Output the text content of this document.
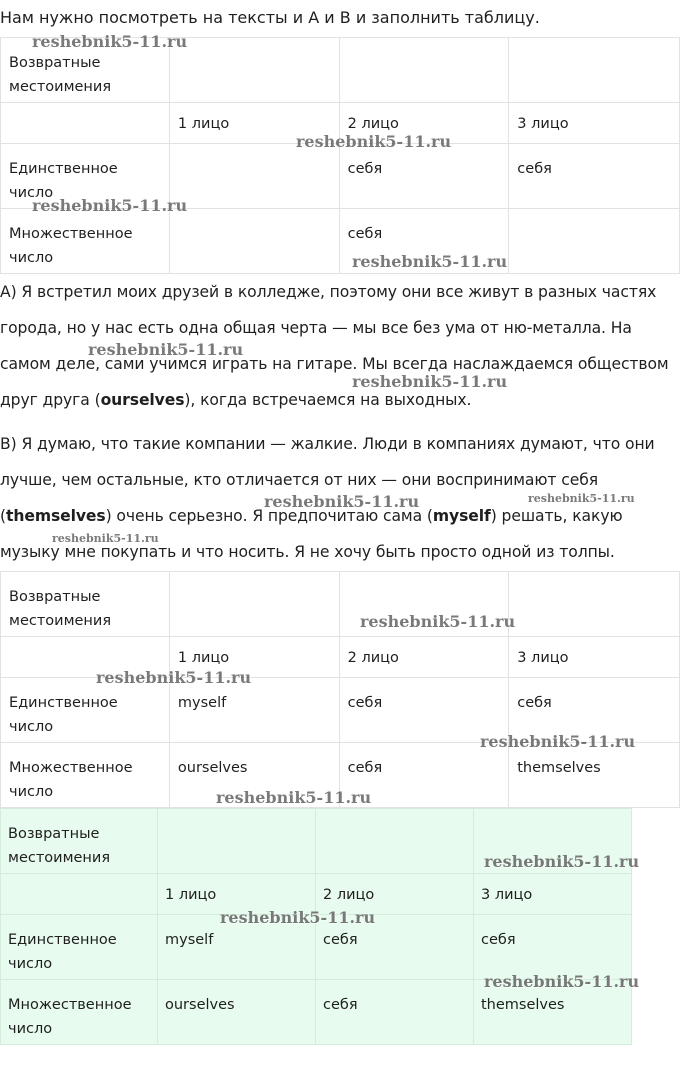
Нам нужно посмотреть на тексты и А и В и заполнить таблицу.

Возвратные местоимения			
	1 лицо	2 лицо	3 лицо
Единственное число		себя	себя
Множественное число		себя	

А) Я встретил моих друзей в колледже, поэтому они все живут в разных частях города, но у нас есть одна общая черта — мы все без ума от ню-металла. На самом деле, сами учимся играть на гитаре. Мы всегда наслаждаемся обществом друг друга (ourselves), когда встречаемся на выходных.

В) Я думаю, что такие компании — жалкие. Люди в компаниях думают, что они лучше, чем остальные, кто отличается от них — они воспринимают себя (themselves) очень серьезно. Я предпочитаю сама (myself) решать, какую музыку мне покупать и что носить. Я не хочу быть просто одной из толпы.

Возвратные местоимения			
	1 лицо	2 лицо	3 лицо
Единственное число	myself	себя	себя
Множественное число	ourselves	себя	themselves
Возвратные местоимения			
	1 лицо	2 лицо	3 лицо
Единственное число	myself	себя	себя
Множественное число	ourselves	себя	themselves
reshebnik5-11.ru
reshebnik5-11.ru
reshebnik5-11.ru
reshebnik5-11.ru
reshebnik5-11.ru
reshebnik5-11.ru
reshebnik5-11.ru	reshebnik5-11.ru
reshebnik5-11.ru
reshebnik5-11.ru
reshebnik5-11.ru
reshebnik5-11.ru
reshebnik5-11.ru
reshebnik5-11.ru
reshebnik5-11.ru
reshebnik5-11.ru
